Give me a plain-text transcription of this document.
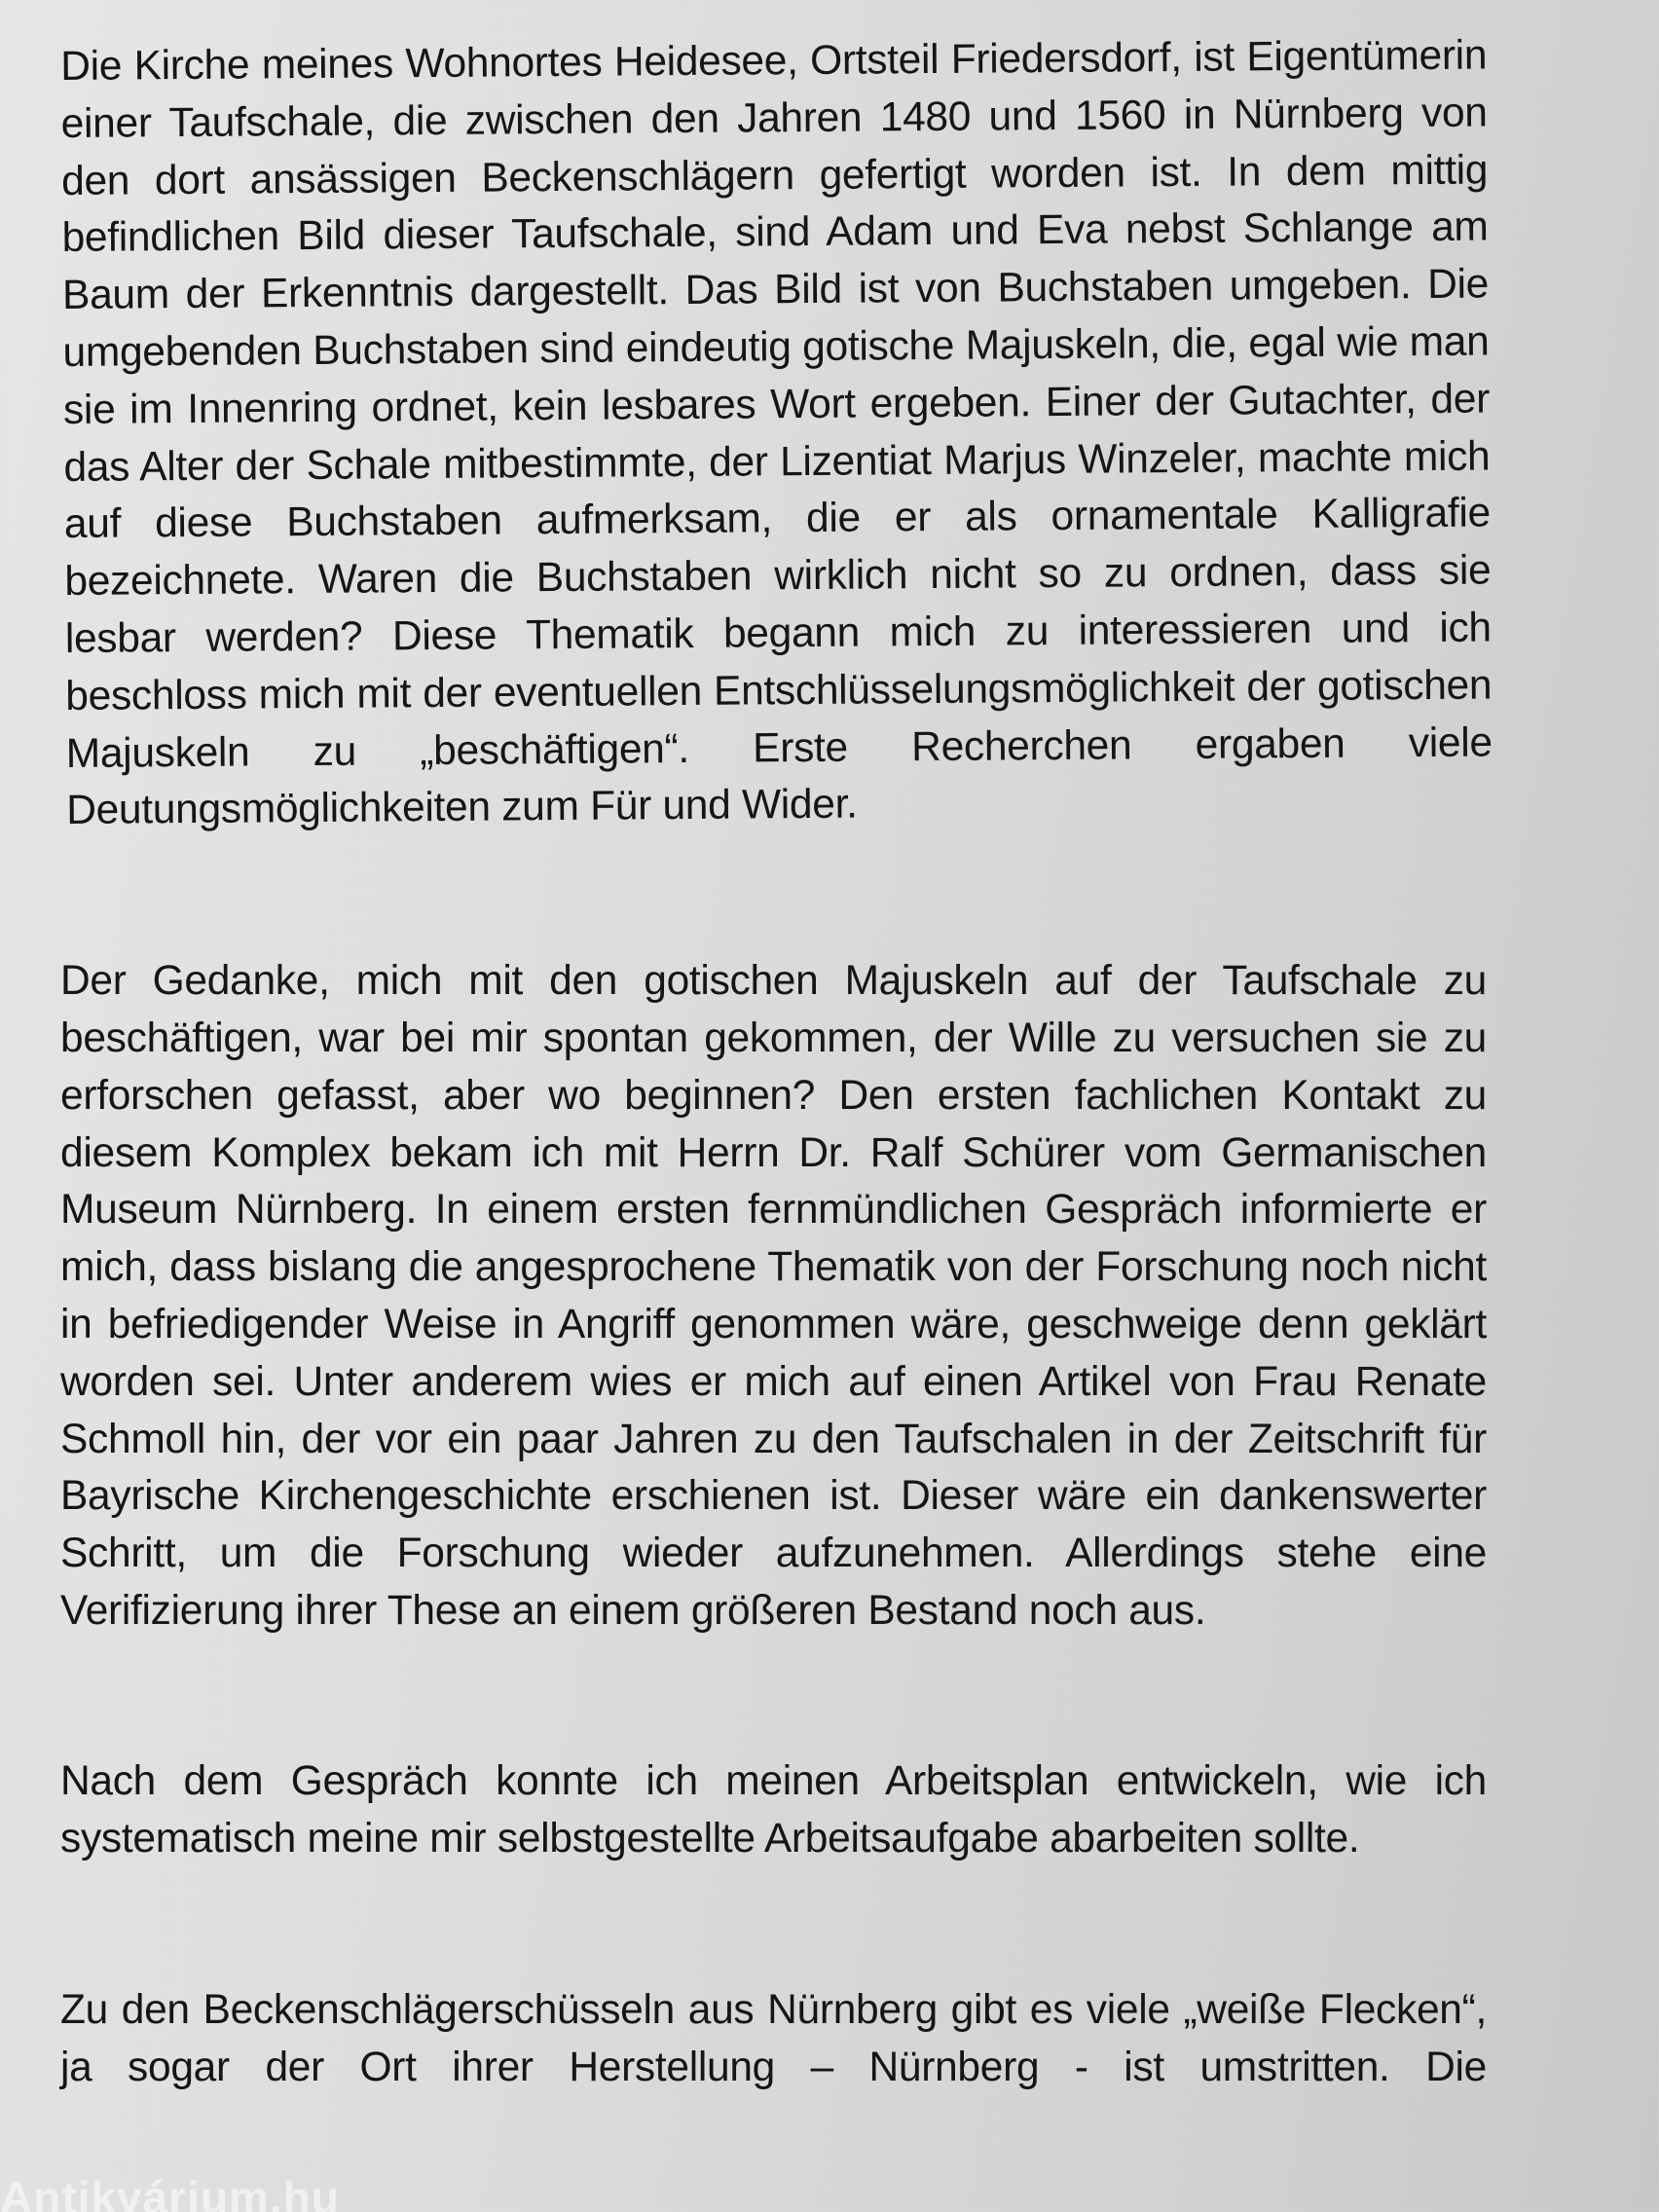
Die Kirche meines Wohnortes Heidesee, Ortsteil Friedersdorf, ist Eigentümerin einer Taufschale, die zwischen den Jahren 1480 und 1560 in Nürnberg von den dort ansässigen Beckenschlägern gefertigt worden ist. In dem mittig befindlichen Bild dieser Taufschale, sind Adam und Eva nebst Schlange am Baum der Erkenntnis dargestellt. Das Bild ist von Buchstaben umgeben. Die umgebenden Buchstaben sind eindeutig gotische Majuskeln, die, egal wie man sie im Innenring ordnet, kein lesbares Wort ergeben. Einer der Gutachter, der das Alter der Schale mitbestimmte, der Lizentiat Marjus Winzeler, machte mich auf diese Buchstaben aufmerksam, die er als ornamentale Kalligrafie bezeichnete. Waren die Buchstaben wirklich nicht so zu ordnen, dass sie lesbar werden? Diese Thematik begann mich zu interessieren und ich beschloss mich mit der eventuellen Entschlüsselungsmöglichkeit der gotischen Majuskeln zu „beschäftigen“. Erste Recherchen ergaben viele Deutungsmöglichkeiten zum Für und Wider.

Der Gedanke, mich mit den gotischen Majuskeln auf der Taufschale zu beschäftigen, war bei mir spontan gekommen, der Wille zu versuchen sie zu erforschen gefasst, aber wo beginnen? Den ersten fachlichen Kontakt zu diesem Komplex bekam ich mit Herrn Dr. Ralf Schürer vom Germanischen Museum Nürnberg. In einem ersten fernmündlichen Gespräch informierte er mich, dass bislang die angesprochene Thematik von der Forschung noch nicht in befriedigender Weise in Angriff genommen wäre, geschweige denn geklärt worden sei. Unter anderem wies er mich auf einen Artikel von Frau Renate Schmoll hin, der vor ein paar Jahren zu den Taufschalen in der Zeitschrift für Bayrische Kirchengeschichte erschienen ist. Dieser wäre ein dankenswerter Schritt, um die Forschung wieder aufzunehmen. Allerdings stehe eine Verifizierung ihrer These an einem größeren Bestand noch aus.

Nach dem Gespräch konnte ich meinen Arbeitsplan entwickeln, wie ich systematisch meine mir selbstgestellte Arbeitsaufgabe abarbeiten sollte.

Zu den Beckenschlägerschüsseln aus Nürnberg gibt es viele „weiße Flecken“, ja sogar der Ort ihrer Herstellung – Nürnberg - ist umstritten. Die

Antikvárium.hu
